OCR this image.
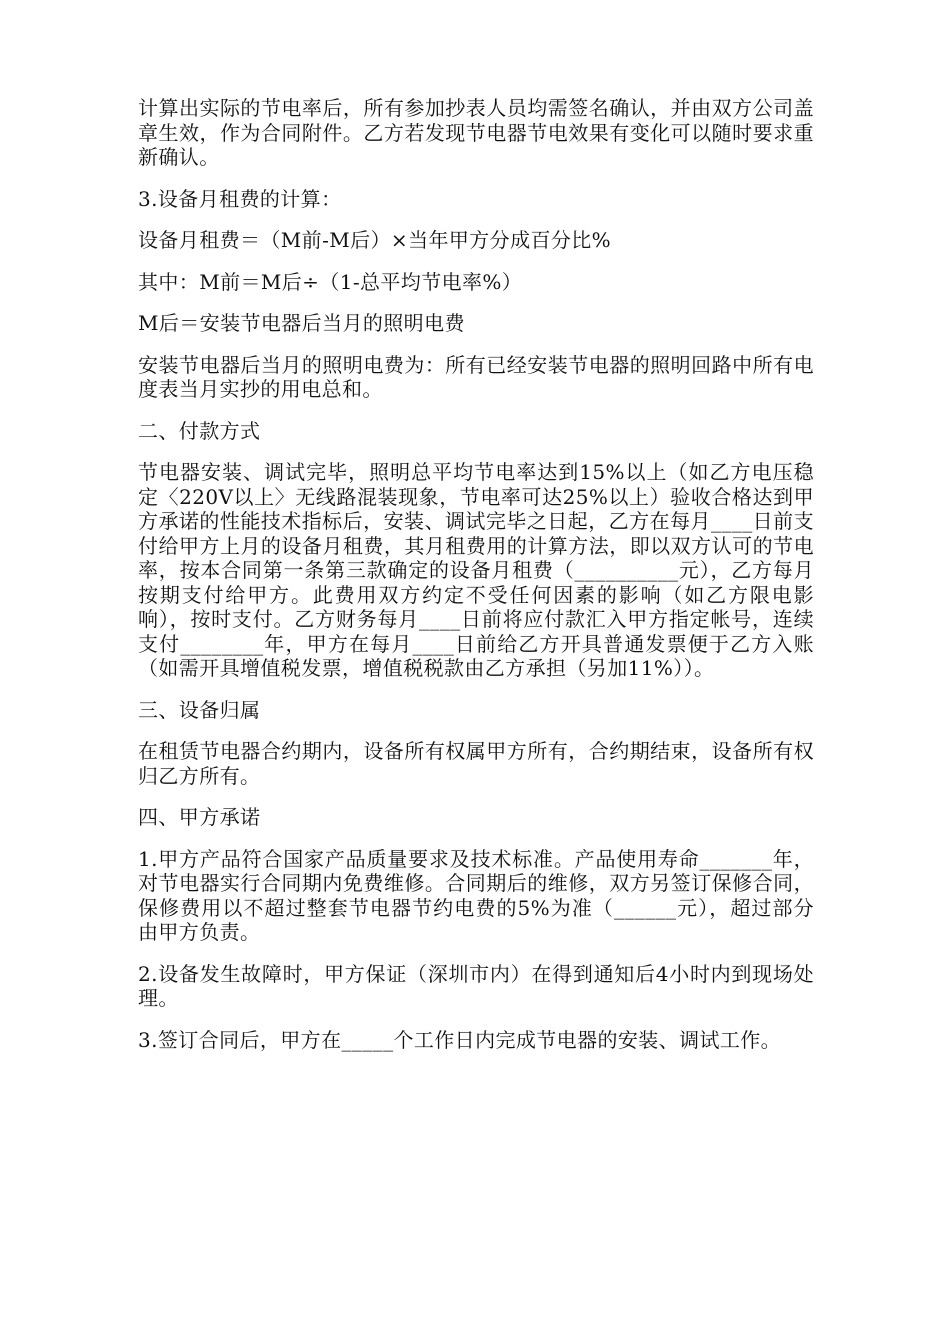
计算出实际的节电率后，所有参加抄表人员均需签名确认，并由双方公司盖章生效，作为合同附件。乙方若发现节电器节电效果有变化可以随时要求重新确认。

3.设备月租费的计算：

设备月租费＝（M前-M后）×当年甲方分成百分比%

其中：M前＝M后÷（1-总平均节电率%）

M后＝安装节电器后当月的照明电费

安装节电器后当月的照明电费为：所有已经安装节电器的照明回路中所有电度表当月实抄的用电总和。

二、付款方式

节电器安装、调试完毕，照明总平均节电率达到15%以上（如乙方电压稳定〈220V以上〉无线路混装现象，节电率可达25%以上）验收合格达到甲方承诺的性能技术指标后，安装、调试完毕之日起，乙方在每月____日前支付给甲方上月的设备月租费，其月租费用的计算方法，即以双方认可的节电率，按本合同第一条第三款确定的设备月租费（__________元），乙方每月按期支付给甲方。此费用双方约定不受任何因素的影响（如乙方限电影响），按时支付。乙方财务每月____日前将应付款汇入甲方指定帐号，连续支付________年，甲方在每月____日前给乙方开具普通发票便于乙方入账（如需开具增值税发票，增值税税款由乙方承担（另加11%））。

三、设备归属

在租赁节电器合约期内，设备所有权属甲方所有，合约期结束，设备所有权归乙方所有。

四、甲方承诺

1.甲方产品符合国家产品质量要求及技术标准。产品使用寿命_______年，对节电器实行合同期内免费维修。合同期后的维修，双方另签订保修合同，保修费用以不超过整套节电器节约电费的5%为准（______元），超过部分由甲方负责。

2.设备发生故障时，甲方保证（深圳市内）在得到通知后4小时内到现场处理。

3.签订合同后，甲方在_____个工作日内完成节电器的安装、调试工作。
